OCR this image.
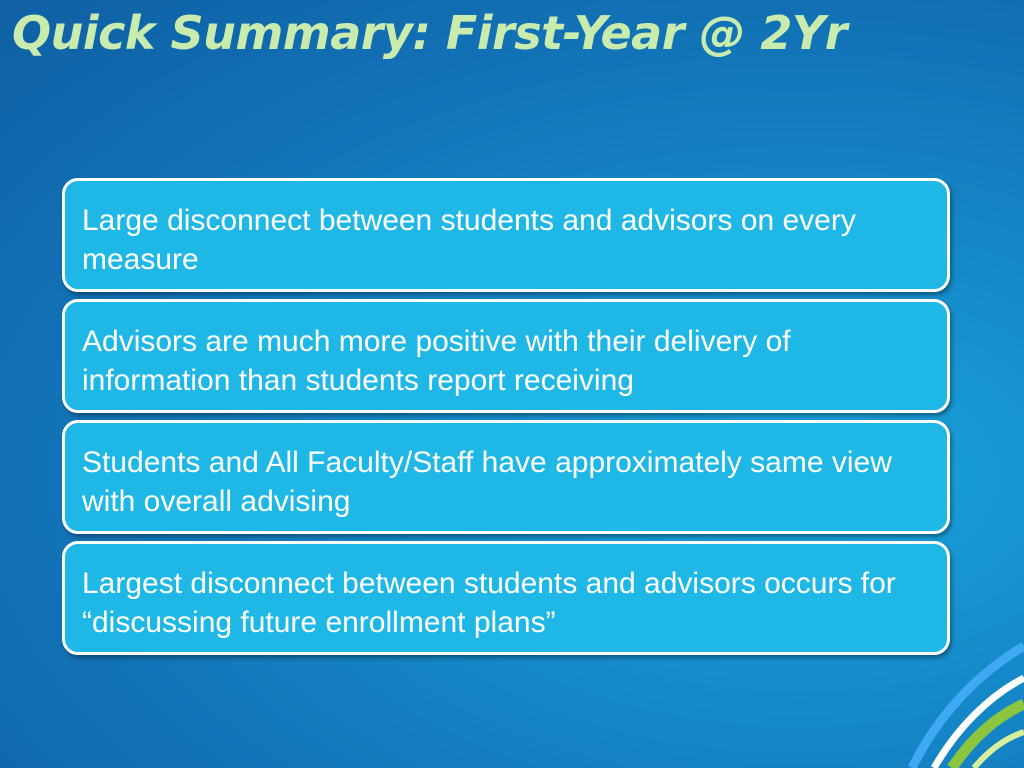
Quick Summary: First-Year @ 2Yr
Large disconnect between students and advisors on every measure
Advisors are much more positive with their delivery of information than students report receiving
Students and All Faculty/Staff have approximately same view with overall advising
Largest disconnect between students and advisors occurs for “discussing future enrollment plans”
